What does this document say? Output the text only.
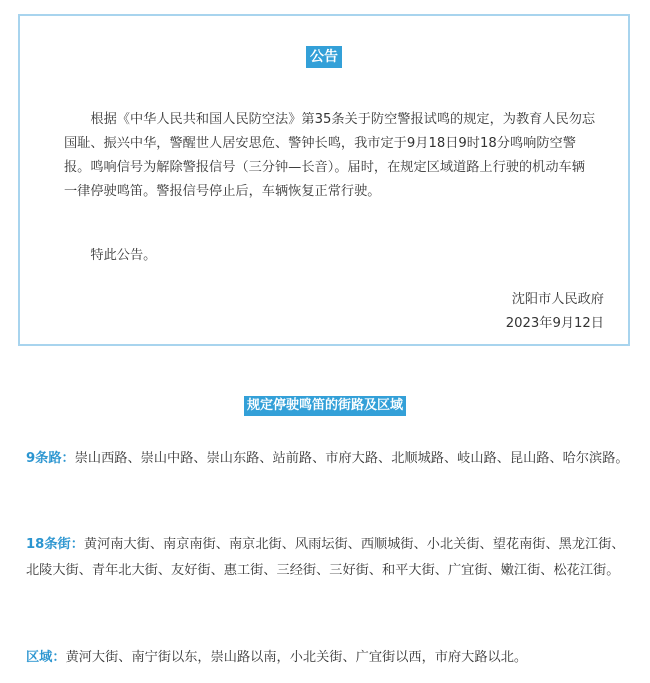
公告

根据《中华人民共和国人民防空法》第35条关于防空警报试鸣的规定，为教育人民勿忘国耻、振兴中华，警醒世人居安思危、警钟长鸣，我市定于9月18日9时18分鸣响防空警报。鸣响信号为解除警报信号（三分钟—长音）。届时，在规定区域道路上行驶的机动车辆一律停驶鸣笛。警报信号停止后，车辆恢复正常行驶。

特此公告。

沈阳市人民政府
2023年9月12日
规定停驶鸣笛的街路及区域

9条路：崇山西路、崇山中路、崇山东路、站前路、市府大路、北顺城路、岐山路、昆山路、哈尔滨路。

18条街：黄河南大街、南京南街、南京北街、风雨坛街、西顺城街、小北关街、望花南街、黑龙江街、北陵大街、青年北大街、友好街、惠工街、三经街、三好街、和平大街、广宜街、嫩江街、松花江街。

区域：黄河大街、南宁街以东，崇山路以南，小北关街、广宜街以西，市府大路以北。
